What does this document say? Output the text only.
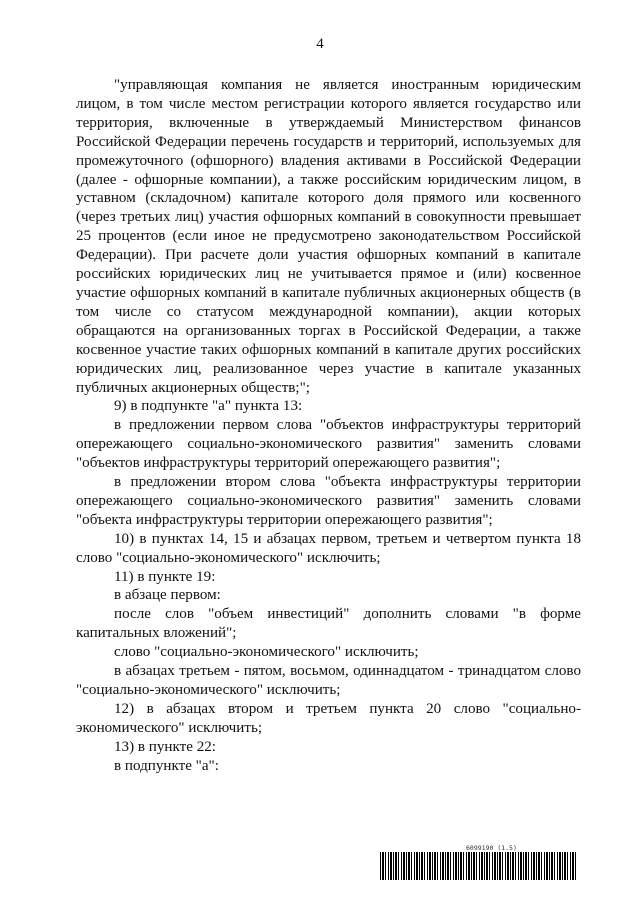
4

"управляющая компания не является иностранным юридическим лицом, в том числе местом регистрации которого является государство или территория, включенные в утверждаемый Министерством финансов Российской Федерации перечень государств и территорий, используемых для промежуточного (офшорного) владения активами в Российской Федерации (далее - офшорные компании), а также российским юридическим лицом, в уставном (складочном) капитале которого доля прямого или косвенного (через третьих лиц) участия офшорных компаний в совокупности превышает 25 процентов (если иное не предусмотрено законодательством Российской Федерации). При расчете доли участия офшорных компаний в капитале российских юридических лиц не учитывается прямое и (или) косвенное участие офшорных компаний в капитале публичных акционерных обществ (в том числе со статусом международной компании), акции которых обращаются на организованных торгах в Российской Федерации, а также косвенное участие таких офшорных компаний в капитале других российских юридических лиц, реализованное через участие в капитале указанных публичных акционерных обществ;";

9) в подпункте "а" пункта 13:

в предложении первом слова "объектов инфраструктуры территорий опережающего социально-экономического развития" заменить словами "объектов инфраструктуры территорий опережающего развития";

в предложении втором слова "объекта инфраструктуры территории опережающего социально-экономического развития" заменить словами "объекта инфраструктуры территории опережающего развития";

10) в пунктах 14, 15 и абзацах первом, третьем и четвертом пункта 18 слово "социально-экономического" исключить;

11) в пункте 19:

в абзаце первом:

после слов "объем инвестиций" дополнить словами "в форме капитальных вложений";

слово "социально-экономического" исключить;

в абзацах третьем - пятом, восьмом, одиннадцатом - тринадцатом слово "социально-экономического" исключить;

12) в абзацах втором и третьем пункта 20 слово "социально-экономического" исключить;

13) в пункте 22:

в подпункте "а":

6099190 (1.5)
